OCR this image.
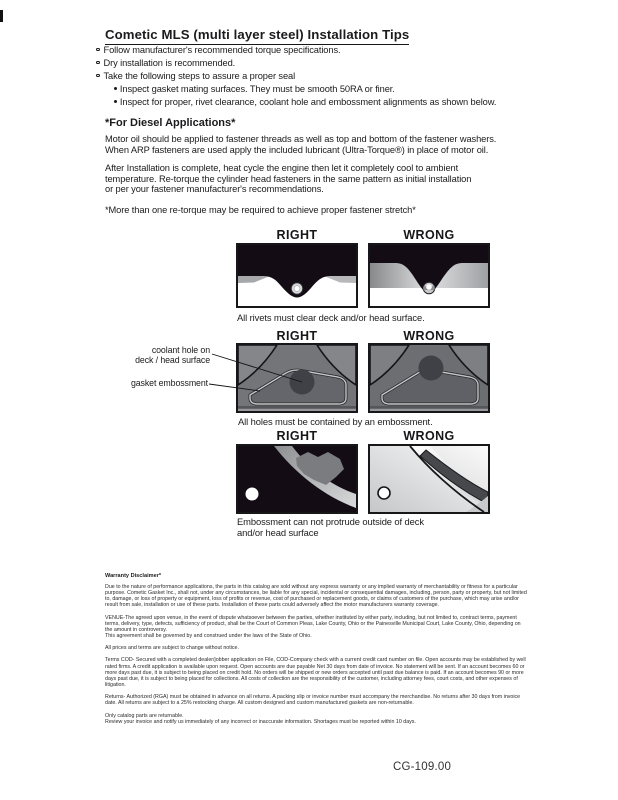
Cometic MLS (multi layer steel) Installation Tips
Follow manufacturer's recommended torque specifications.
Dry installation is recommended.
Take the following steps to assure a proper seal
Inspect gasket mating surfaces. They must be smooth 50RA or finer.
Inspect for proper, rivet clearance, coolant hole and embossment alignments as shown below.
*For Diesel Applications*
Motor oil should be applied to fastener threads as well as top and bottom of the fastener washers.
When ARP fasteners are used apply the included lubricant (Ultra-Torque®) in place of motor oil.
After Installation is complete, heat cycle the engine then let it completely cool to ambient
temperature. Re-torque the cylinder head fasteners in the same pattern as initial installation
or per your fastener manufacturer's recommendations.
*More than one re-torque may be required to achieve proper fastener stretch*
RIGHT	WRONG
All rivets must clear deck and/or head surface.
RIGHT	WRONG
coolant hole on
deck / head surface
gasket embossment
All holes must be contained by an embossment.
RIGHT	WRONG
Embossment can not protrude outside of deck
and/or head surface
Warranty Disclaimer*
Due to the nature of performance applications, the parts in this catalog are sold without any express warranty or any implied warranty of merchantability or fitness for a particular purpose. Cometic Gasket Inc., shall not, under any circumstances, be liable for any special, incidental or consequential damages, including, person, party or property, but not limited to, damage, or loss of property or equipment, loss of profits or revenue, cost of purchased or replacement goods, or claims of customers of the purchase, which may arise and/or result from sale, installation or use of these parts. Installation of these parts could adversely affect the motor manufacturers warranty coverage.
VENUE-The agreed upon venue, in the event of dispute whatsoever between the parties, whether instituted by either party, including, but not limited to, contract terms, payment terms, delivery, type, defects, sufficiency of product, shall be the Court of Common Pleas, Lake County, Ohio or the Painesville Municipal Court, Lake County, Ohio, depending on the amount in controversy.
This agreement shall be governed by and construed under the laws of the State of Ohio.
All prices and terms are subject to change without notice.
Terms COD- Secured with a completed dealer/jobber application on File, COD-Company check with a current credit card number on file. Open accounts may be established by well rated firms. A credit application is available upon request. Open accounts are due payable Net 30 days from date of invoice. No statement will be sent. If an account becomes 60 or more days past due, it is subject to being placed on credit hold. No orders will be shipped or new orders accepted until past due balance is paid. If an account becomes 90 or more days past due, it is subject to being placed for collections. All costs of collection are the responsibility of the customer, including attorney fees, court costs, and other expenses of litigation.
Returns- Authorized (RGA) must be obtained in advance on all returns. A packing slip or invoice number must accompany the merchandise. No returns after 30 days from invoice date. All returns are subject to a 25% restocking charge. All custom designed and custom manufactured gaskets are non-returnable.
Only catalog parts are returnable.
Review your invoice and notify us immediately of any incorrect or inaccurate information. Shortages must be reported within 10 days.
CG-109.00
